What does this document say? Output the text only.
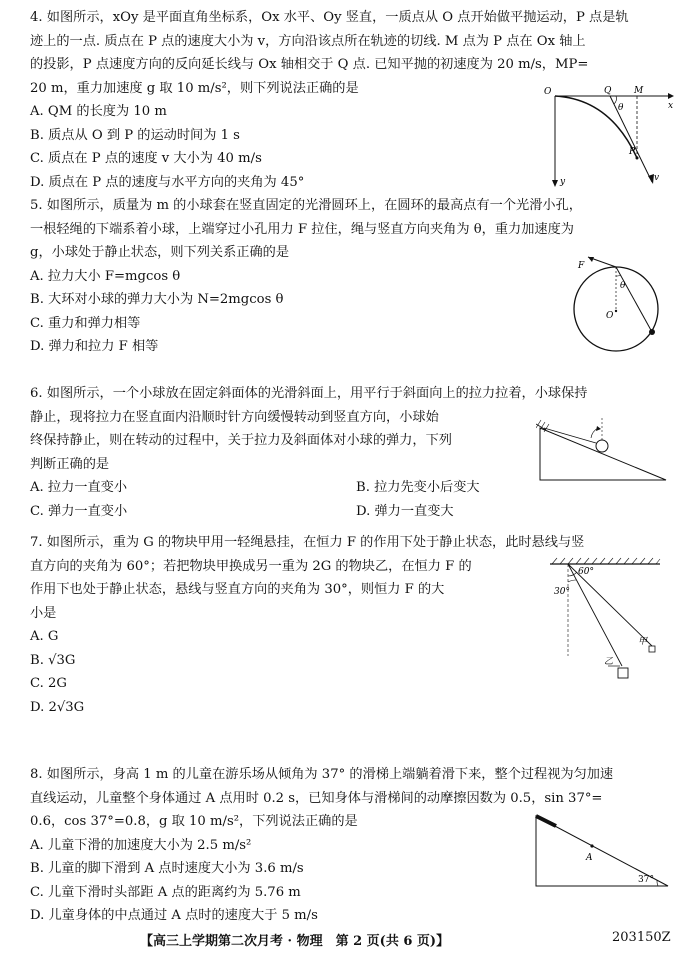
4. 如图所示，xOy 是平面直角坐标系，Ox 水平、Oy 竖直，一质点从 O 点开始做平抛运动，P 点是轨
迹上的一点. 质点在 P 点的速度大小为 v，方向沿该点所在轨迹的切线. M 点为 P 点在 Ox 轴上
的投影，P 点速度方向的反向延长线与 Ox 轴相交于 Q 点. 已知平抛的初速度为 20 m/s，MP=
20 m，重力加速度 g 取 10 m/s²，则下列说法正确的是
A. QM 的长度为 10 m
B. 质点从 O 到 P 的运动时间为 1 s
C. 质点在 P 点的速度 v 大小为 40 m/s
D. 质点在 P 点的速度与水平方向的夹角为 45°
O	Q	M
x
θ
P
v
y
5. 如图所示，质量为 m 的小球套在竖直固定的光滑圆环上，在圆环的最高点有一个光滑小孔，
一根轻绳的下端系着小球，上端穿过小孔用力 F 拉住，绳与竖直方向夹角为 θ，重力加速度为
g，小球处于静止状态，则下列关系正确的是
A. 拉力大小 F=mgcos θ
B. 大环对小球的弹力大小为 N=2mgcos θ
C. 重力和弹力相等
D. 弹力和拉力 F 相等
F
θ
O
6. 如图所示，一个小球放在固定斜面体的光滑斜面上，用平行于斜面向上的拉力拉着，小球保持
静止，现将拉力在竖直面内沿顺时针方向缓慢转动到竖直方向，小球始
终保持静止，则在转动的过程中，关于拉力及斜面体对小球的弹力，下列
判断正确的是
A. 拉力一直变小	B. 拉力先变小后变大
C. 弹力一直变小	D. 弹力一直变大
7. 如图所示，重为 G 的物块甲用一轻绳悬挂，在恒力 F 的作用下处于静止状态，此时悬线与竖
直方向的夹角为 60°；若把物块甲换成另一重为 2G 的物块乙，在恒力 F 的
作用下也处于静止状态，悬线与竖直方向的夹角为 30°，则恒力 F 的大
小是
A. G
B. √3G
C. 2G
D. 2√3G
60°
30°
甲
乙
8. 如图所示，身高 1 m 的儿童在游乐场从倾角为 37° 的滑梯上端躺着滑下来，整个过程视为匀加速
直线运动，儿童整个身体通过 A 点用时 0.2 s，已知身体与滑梯间的动摩擦因数为 0.5，sin 37°=
0.6，cos 37°=0.8，g 取 10 m/s²，下列说法正确的是
A. 儿童下滑的加速度大小为 2.5 m/s²
B. 儿童的脚下滑到 A 点时速度大小为 3.6 m/s
C. 儿童下滑时头部距 A 点的距离约为 5.76 m
D. 儿童身体的中点通过 A 点时的速度大于 5 m/s
A
37°
【高三上学期第二次月考 · 物理　第 2 页(共 6 页)】	203150Z
